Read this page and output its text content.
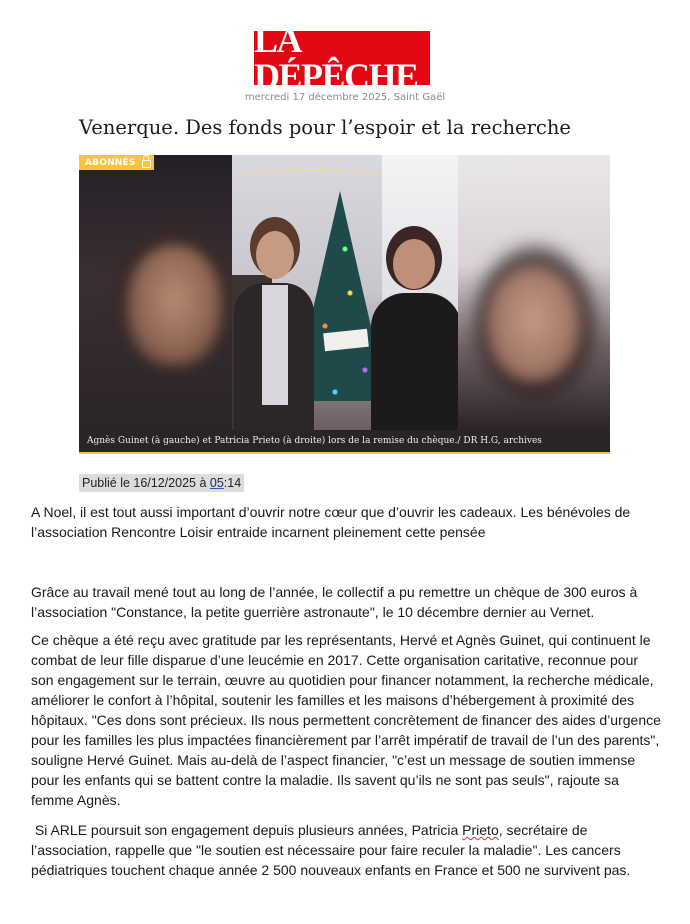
LA DÉPÊCHE
mercredi 17 décembre 2025, Saint Gaël
Venerque. Des fonds pour l’espoir et la recherche
ABONNÉS
Agnès Guinet (à gauche) et Patricia Prieto (à droite) lors de la remise du chèque./ DR H.G, archives
Publié le 16/12/2025 à 05 :14

A Noel, il est tout aussi important d’ouvrir notre cœur que d’ouvrir les cadeaux. Les bénévoles de l’association Rencontre Loisir entraide incarnent pleinement cette pensée

Grâce au travail mené tout au long de l’année, le collectif a pu remettre un chèque de 300 euros à l’association "Constance, la petite guerrière astronaute", le 10 décembre dernier au Vernet.

Ce chèque a été reçu avec gratitude par les représentants, Hervé et Agnès Guinet, qui continuent le combat de leur fille disparue d’une leucémie en 2017. Cette organisation caritative, reconnue pour son engagement sur le terrain, œuvre au quotidien pour financer notamment, la recherche médicale, améliorer le confort à l’hôpital, soutenir les familles et les maisons d’hébergement à proximité des hôpitaux. "Ces dons sont précieux. Ils nous permettent concrètement de financer des aides d’urgence pour les familles les plus impactées financièrement par l’arrêt impératif de travail de l’un des parents", souligne Hervé Guinet. Mais au-delà de l’aspect financier, "c’est un message de soutien immense pour les enfants qui se battent contre la maladie. Ils savent qu’ils ne sont pas seuls", rajoute sa femme Agnès.

Si ARLE poursuit son engagement depuis plusieurs années, Patricia Prieto, secrétaire de l’association, rappelle que "le soutien est nécessaire pour faire reculer la maladie". Les cancers pédiatriques touchent chaque année 2 500 nouveaux enfants en France et 500 ne survivent pas.
